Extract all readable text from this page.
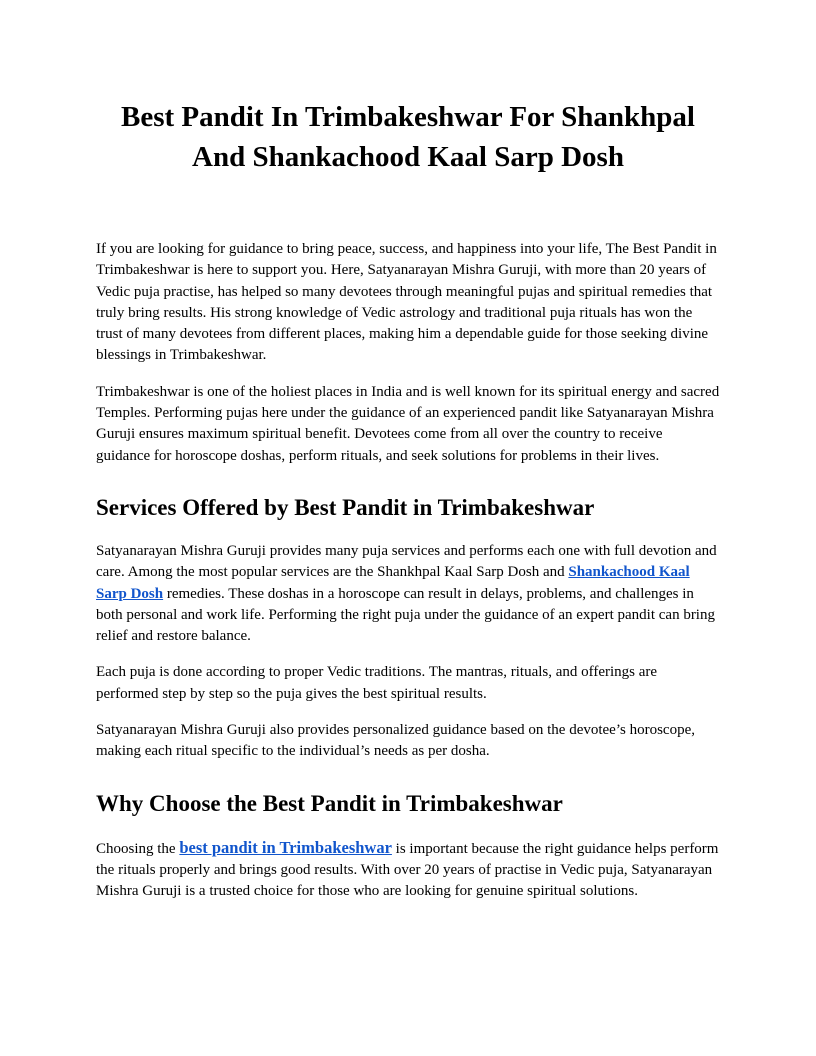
Best Pandit In Trimbakeshwar For Shankhpal And Shankachood Kaal Sarp Dosh

If you are looking for guidance to bring peace, success, and happiness into your life, The Best Pandit in Trimbakeshwar is here to support you. Here, Satyanarayan Mishra Guruji, with more than 20 years of Vedic puja practise, has helped so many devotees through meaningful pujas and spiritual remedies that truly bring results. His strong knowledge of Vedic astrology and traditional puja rituals has won the trust of many devotees from different places, making him a dependable guide for those seeking divine blessings in Trimbakeshwar.

Trimbakeshwar is one of the holiest places in India and is well known for its spiritual energy and sacred Temples. Performing pujas here under the guidance of an experienced pandit like Satyanarayan Mishra Guruji ensures maximum spiritual benefit. Devotees come from all over the country to receive guidance for horoscope doshas, perform rituals, and seek solutions for problems in their lives.

Services Offered by Best Pandit in Trimbakeshwar

Satyanarayan Mishra Guruji provides many puja services and performs each one with full devotion and care. Among the most popular services are the Shankhpal Kaal Sarp Dosh and Shankachood Kaal Sarp Dosh remedies. These doshas in a horoscope can result in delays, problems, and challenges in both personal and work life. Performing the right puja under the guidance of an expert pandit can bring relief and restore balance.

Each puja is done according to proper Vedic traditions. The mantras, rituals, and offerings are performed step by step so the puja gives the best spiritual results.

Satyanarayan Mishra Guruji also provides personalized guidance based on the devotee’s horoscope, making each ritual specific to the individual’s needs as per dosha.

Why Choose the Best Pandit in Trimbakeshwar

Choosing the best pandit in Trimbakeshwar is important because the right guidance helps perform the rituals properly and brings good results. With over 20 years of practise in Vedic puja, Satyanarayan Mishra Guruji is a trusted choice for those who are looking for genuine spiritual solutions.
